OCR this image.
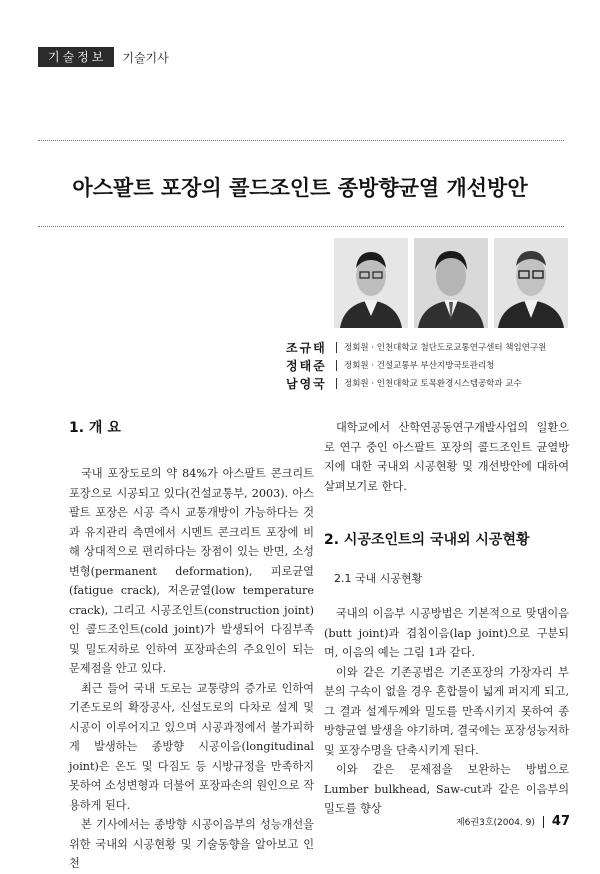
기술정보	기술기사
아스팔트 포장의 콜드조인트 종방향균열 개선방안
조규태	정회원 · 인천대학교 첨단도로교통연구센터 책임연구원
정태준	정회원 · 건설교통부 부산지방국토관리청
남영국	정회원 · 인천대학교 토목환경시스템공학과 교수
1. 개 요

국내 포장도로의 약 84%가 아스팔트 콘크리트 포장으로 시공되고 있다(건설교통부, 2003). 아스팔트 포장은 시공 즉시 교통개방이 가능하다는 것과 유지관리 측면에서 시멘트 콘크리트 포장에 비해 상대적으로 편리하다는 장점이 있는 반면, 소성변형(permanent deformation), 피로균열(fatigue crack), 저온균열(low temperature crack), 그리고 시공조인트(construction joint)인 콜드조인트(cold joint)가 발생되어 다짐부족 및 밀도저하로 인하여 포장파손의 주요인이 되는 문제점을 안고 있다.

최근 들어 국내 도로는 교통량의 증가로 인하여 기존도로의 확장공사, 신설도로의 다차로 설계 및 시공이 이루어지고 있으며 시공과정에서 불가피하게 발생하는 종방향 시공이음(longitudinal joint)은 온도 및 다짐도 등 시방규정을 만족하지 못하여 소성변형과 더불어 포장파손의 원인으로 작용하게 된다.

본 기사에서는 종방향 시공이음부의 성능개선을 위한 국내외 시공현황 및 기술동향을 알아보고 인천

대학교에서 산학연공동연구개발사업의 일환으로 연구 중인 아스팔트 포장의 콜드조인트 균열방지에 대한 국내외 시공현황 및 개선방안에 대하여 살펴보기로 한다.

2. 시공조인트의 국내외 시공현황
2.1 국내 시공현황

국내의 이음부 시공방법은 기본적으로 맞댐이음(butt joint)과 겹침이음(lap joint)으로 구분되며, 이음의 예는 그림 1과 같다.

이와 같은 기존공법은 기존포장의 가장자리 부분의 구속이 없을 경우 혼합물이 넓게 퍼지게 되고, 그 결과 설계두께와 밀도를 만족시키지 못하여 종방향균열 발생을 야기하며, 결국에는 포장성능저하 및 포장수명을 단축시키게 된다.

이와 같은 문제점을 보완하는 방법으로 Lumber bulkhead, Saw-cut과 같은 이음부의 밀도를 향상

제6권3호(2004. 9) 47
